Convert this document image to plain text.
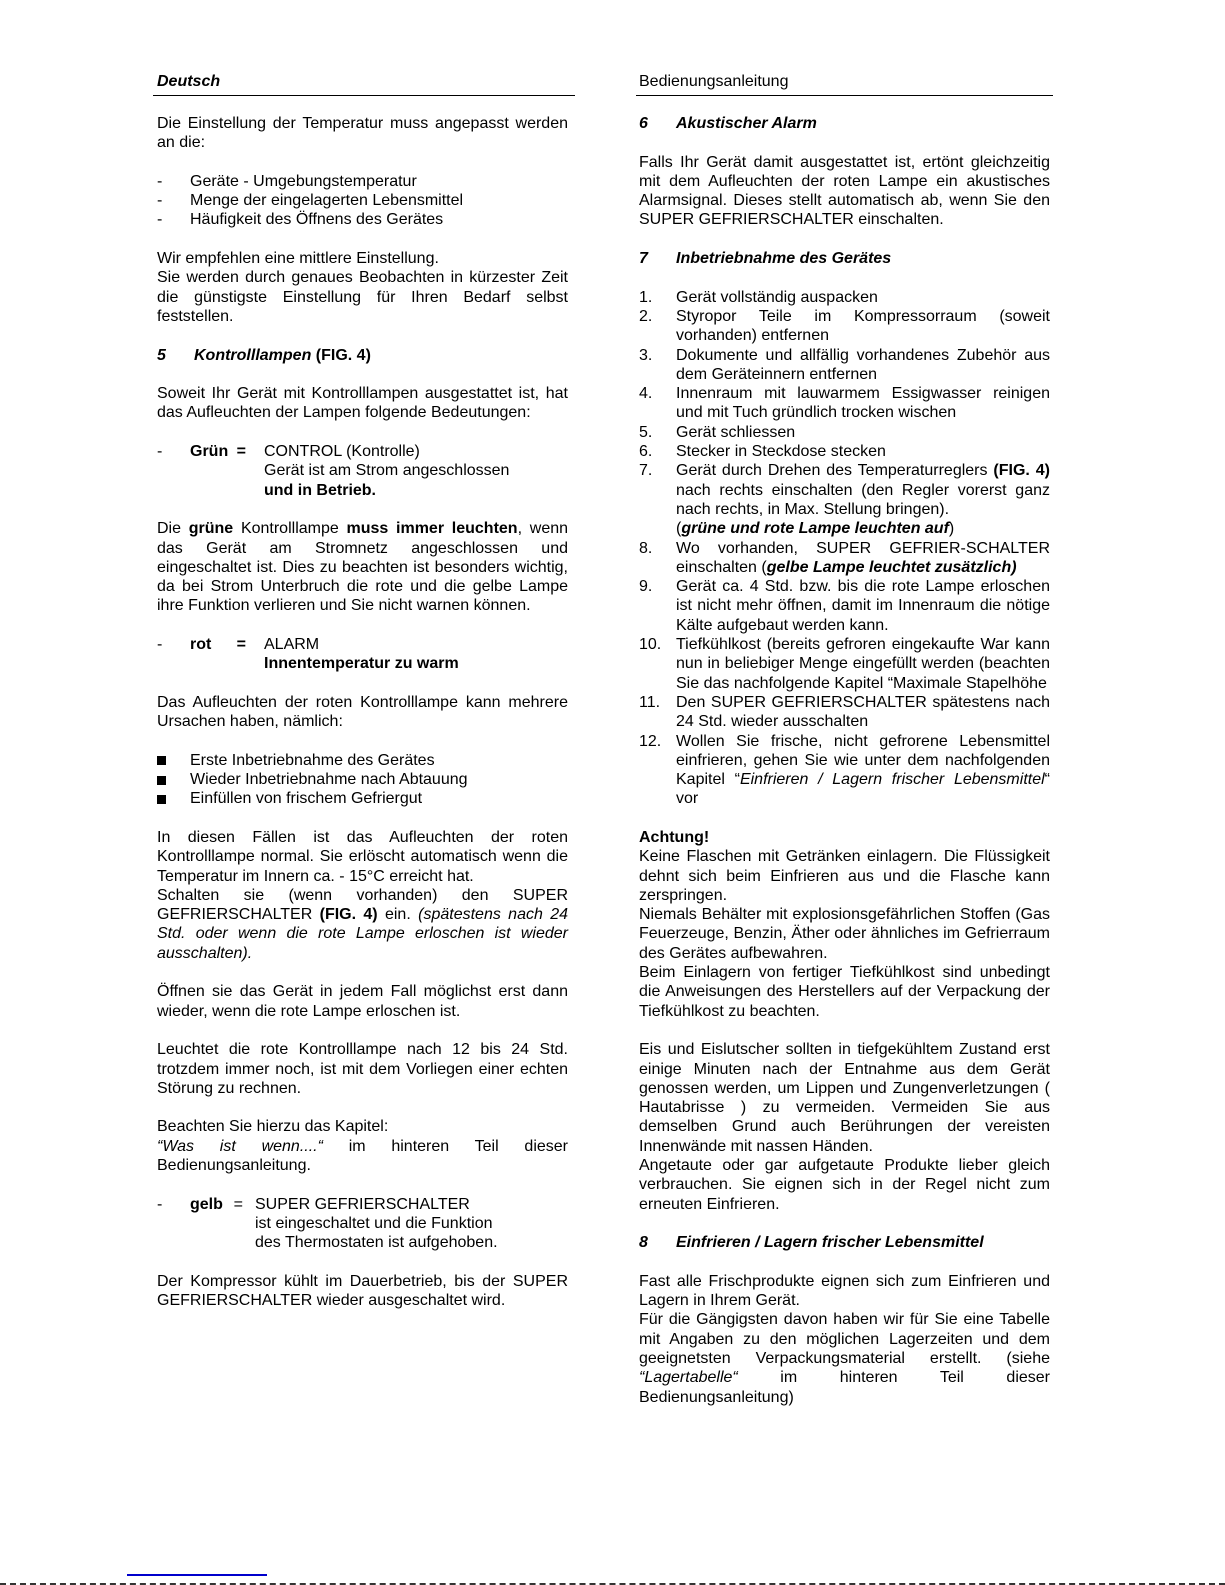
Deutsch	Bedienungsanleitung

Die Einstellung der Temperatur muss angepasst werden an die:

-	Geräte - Umgebungstemperatur
-	Menge der eingelagerten Lebensmittel
-	Häufigkeit des Öffnens des Gerätes

Wir empfehlen eine mittlere Einstellung.

Sie werden durch genaues Beobachten in kürzester Zeit die günstigste Einstellung für Ihren Bedarf selbst feststellen.

5	Kontrolllampen (FIG. 4)

Soweit Ihr Gerät mit Kontrolllampen ausgestattet ist, hat das Aufleuchten der Lampen folgende Bedeutungen:

-	Grün = CONTROL (Kontrolle)
Gerät ist am Strom angeschlossen
und in Betrieb.

Die grüne Kontrolllampe muss immer leuchten, wenn das Gerät am Stromnetz angeschlossen und eingeschaltet ist. Dies zu beachten ist besonders wichtig, da bei Strom Unterbruch die rote und die gelbe Lampe ihre Funktion verlieren und Sie nicht warnen können.

-	rot = ALARM
Innentemperatur zu warm

Das Aufleuchten der roten Kontrolllampe kann mehrere Ursachen haben, nämlich:

Erste Inbetriebnahme des Gerätes
Wieder Inbetriebnahme nach Abtauung
Einfüllen von frischem Gefriergut

In diesen Fällen ist das Aufleuchten der roten Kontrolllampe normal. Sie erlöscht automatisch wenn die Temperatur im Innern ca. - 15°C erreicht hat.

Schalten sie (wenn vorhanden) den SUPER GEFRIERSCHALTER (FIG. 4) ein. (spätestens nach 24 Std. oder wenn die rote Lampe erloschen ist wieder ausschalten).

Öffnen sie das Gerät in jedem Fall möglichst erst dann wieder, wenn die rote Lampe erloschen ist.

Leuchtet die rote Kontrolllampe nach 12 bis 24 Std. trotzdem immer noch, ist mit dem Vorliegen einer echten Störung zu rechnen.

Beachten Sie hierzu das Kapitel:

“Was ist wenn....“ im hinteren Teil dieser Bedienungsanleitung.

-	gelb = SUPER GEFRIERSCHALTER
ist eingeschaltet und die Funktion
des Thermostaten ist aufgehoben.

Der Kompressor kühlt im Dauerbetrieb, bis der SUPER GEFRIERSCHALTER wieder ausgeschaltet wird.

6	Akustischer Alarm

Falls Ihr Gerät damit ausgestattet ist, ertönt gleichzeitig mit dem Aufleuchten der roten Lampe ein akustisches Alarmsignal. Dieses stellt automatisch ab, wenn Sie den SUPER GEFRIERSCHALTER einschalten.

7	Inbetriebnahme des Gerätes
1.	Gerät vollständig auspacken
2.	Styropor Teile im Kompressorraum (soweit vorhanden) entfernen
3.	Dokumente und allfällig vorhandenes Zubehör aus dem Geräteinnern entfernen
4.	Innenraum mit lauwarmem Essigwasser reinigen und mit Tuch gründlich trocken wischen
5.	Gerät schliessen
6.	Stecker in Steckdose stecken
7.	Gerät durch Drehen des Temperaturreglers (FIG. 4) nach rechts einschalten (den Regler vorerst ganz nach rechts, in Max. Stellung bringen).
(grüne und rote Lampe leuchten auf)
8.	Wo vorhanden, SUPER GEFRIER-SCHALTER einschalten (gelbe Lampe leuchtet zusätzlich)
9.	Gerät ca. 4 Std. bzw. bis die rote Lampe erloschen ist nicht mehr öffnen, damit im Innenraum die nötige Kälte aufgebaut werden kann.
10. Tiefkühlkost (bereits gefroren eingekaufte War kann nun in beliebiger Menge eingefüllt werden (beachten Sie das nachfolgende Kapitel “Maximale Stapelhöhe
11. Den SUPER GEFRIERSCHALTER spätestens nach 24 Std. wieder ausschalten
12. Wollen Sie frische, nicht gefrorene Lebensmittel einfrieren, gehen Sie wie unter dem nachfolgenden Kapitel “Einfrieren / Lagern frischer Lebensmittel“ vor

Achtung!

Keine Flaschen mit Getränken einlagern. Die Flüssigkeit dehnt sich beim Einfrieren aus und die Flasche kann zerspringen.

Niemals Behälter mit explosionsgefährlichen Stoffen (Gas Feuerzeuge, Benzin, Äther oder ähnliches im Gefrierraum des Gerätes aufbewahren.

Beim Einlagern von fertiger Tiefkühlkost sind unbedingt die Anweisungen des Herstellers auf der Verpackung der Tiefkühlkost zu beachten.

Eis und Eislutscher sollten in tiefgekühltem Zustand erst einige Minuten nach der Entnahme aus dem Gerät genossen werden, um Lippen und Zungenverletzungen ( Hautabrisse ) zu vermeiden. Vermeiden Sie aus demselben Grund auch Berührungen der vereisten Innenwände mit nassen Händen.

Angetaute oder gar aufgetaute Produkte lieber gleich verbrauchen. Sie eignen sich in der Regel nicht zum erneuten Einfrieren.

8	Einfrieren / Lagern frischer Lebensmittel

Fast alle Frischprodukte eignen sich zum Einfrieren und Lagern in Ihrem Gerät.

Für die Gängigsten davon haben wir für Sie eine Tabelle mit Angaben zu den möglichen Lagerzeiten und dem geeignetsten Verpackungsmaterial erstellt. (siehe “Lagertabelle“ im hinteren Teil dieser Bedienungsanleitung)
